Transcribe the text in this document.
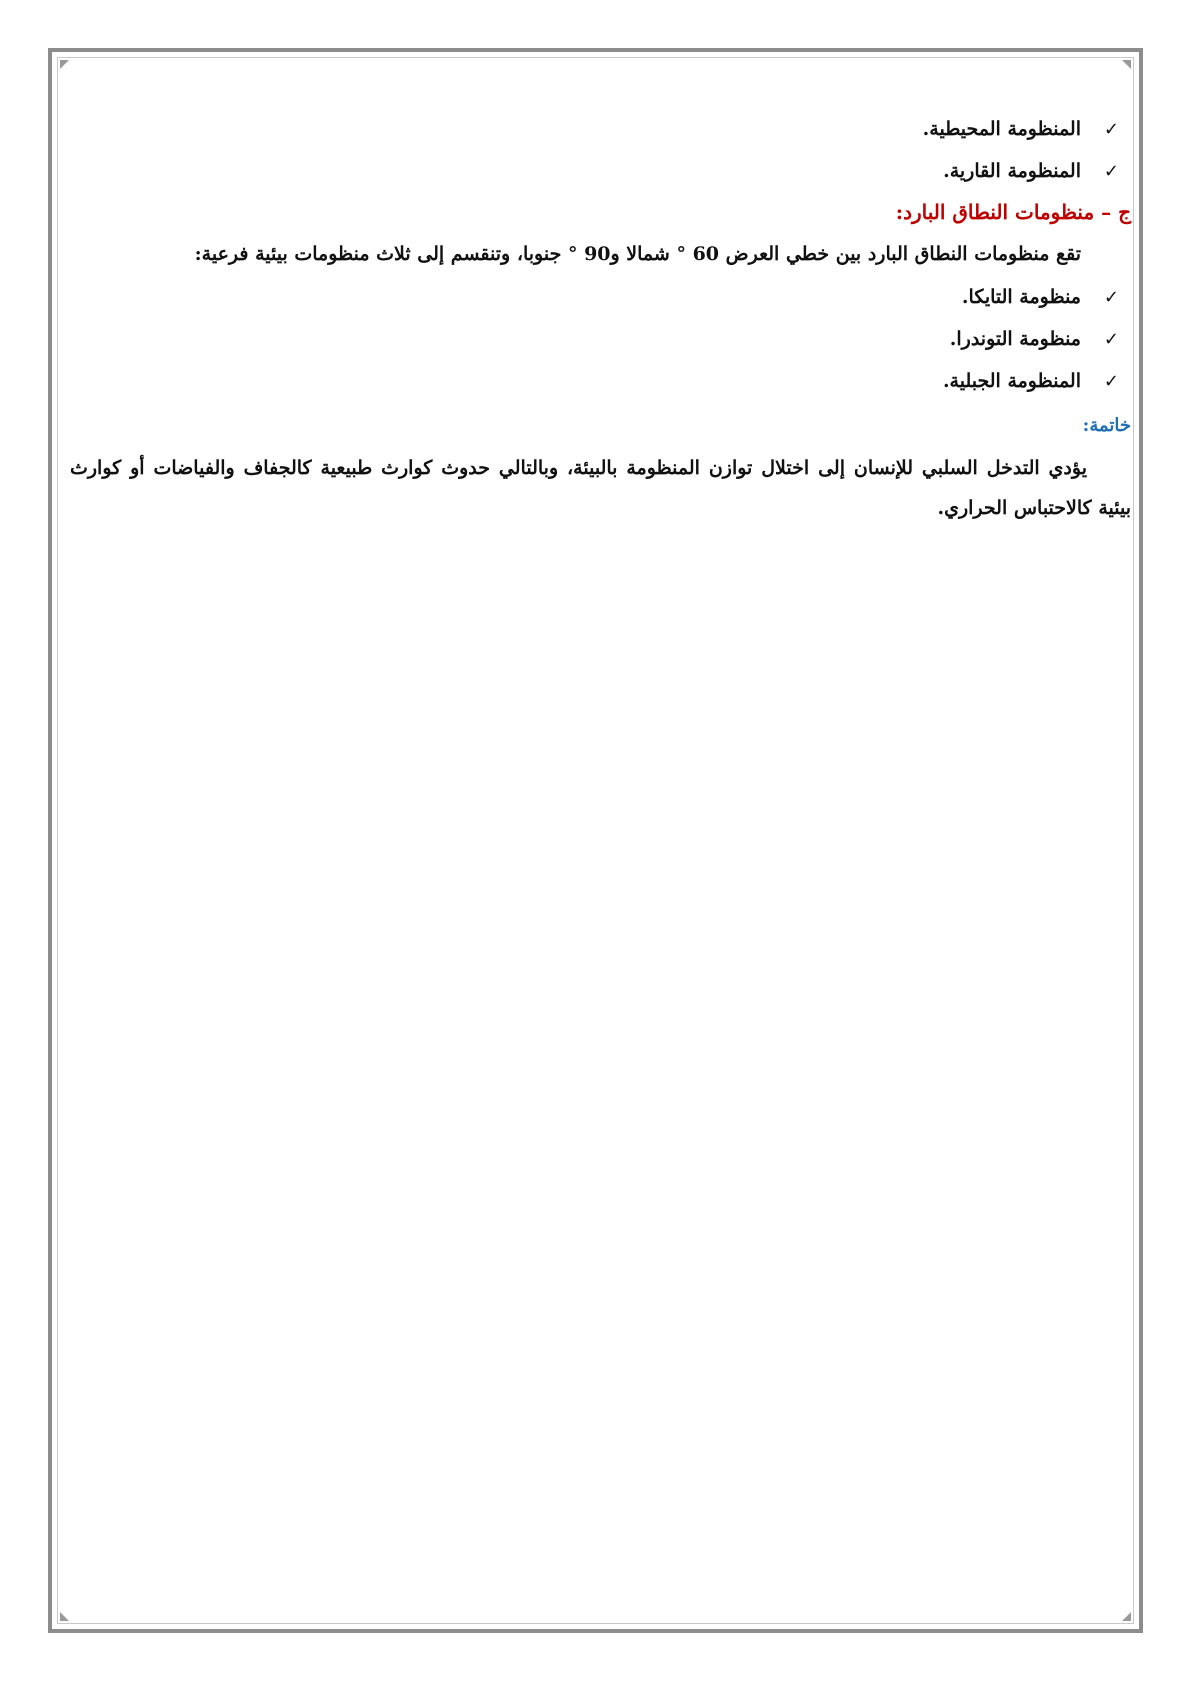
✓
المنظومة المحيطية.
✓
المنظومة القارية.
ج – منظومات النطاق البارد:
تقع منظومات النطاق البارد بين خطي العرض 60 ° شمالا و90 ° جنوبا، وتنقسم إلى ثلاث منظومات بيئية فرعية:
✓
منظومة التايكا.
✓
منظومة التوندرا.
✓
المنظومة الجبلية.
خاتمة:
يؤدي التدخل السلبي للإنسان إلى اختلال توازن المنظومة بالبيئة، وبالتالي حدوث كوارث طبيعية كالجفاف والفياضات أو كوارث بيئية كالاحتباس الحراري.
